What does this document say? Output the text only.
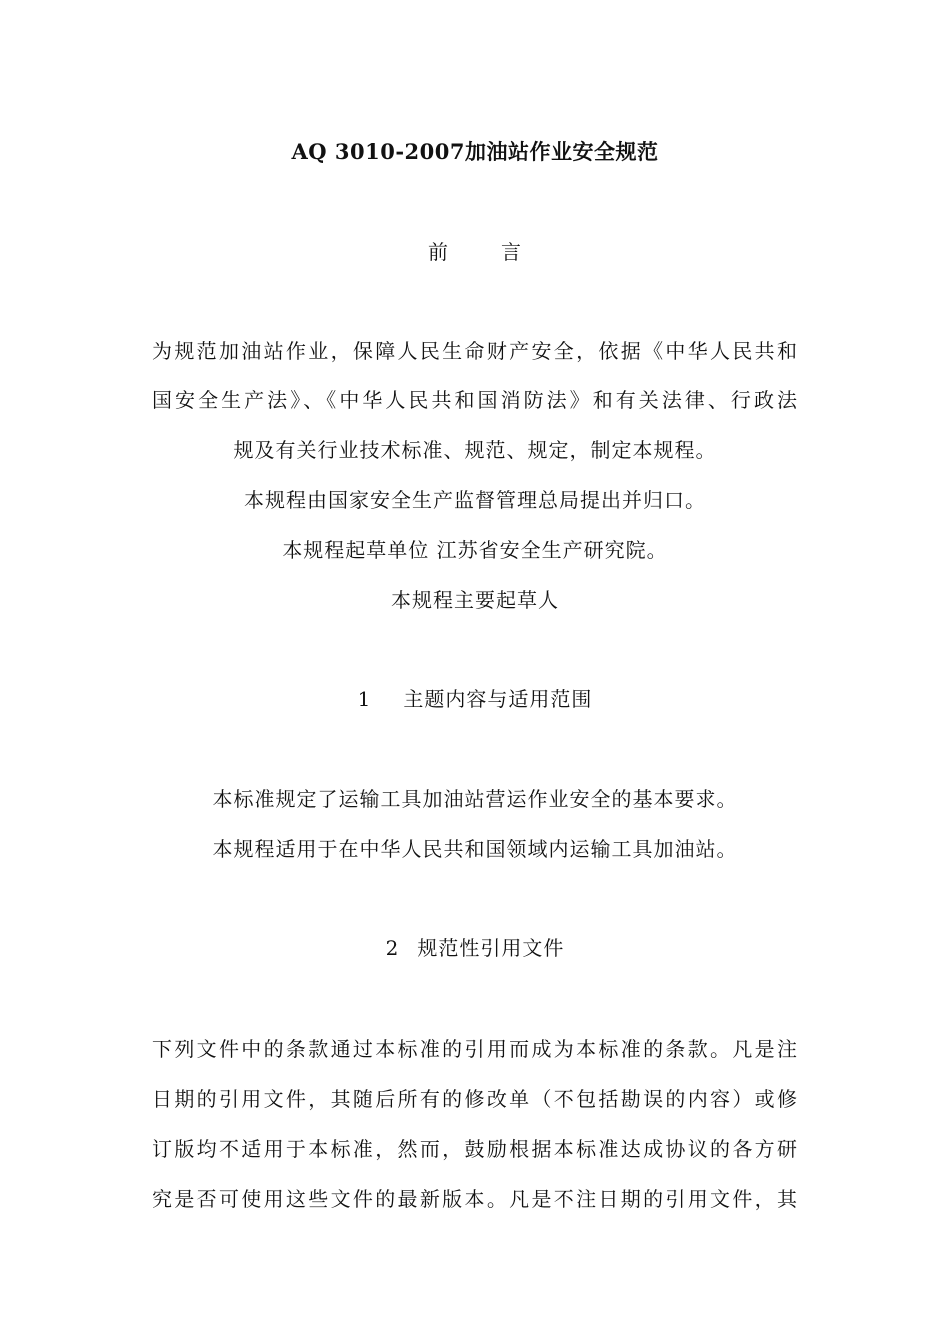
AQ 3010-2007加油站作业安全规范
前	言
为规范加油站作业，保障人民生命财产安全，依据《中华人民共和
国安全生产法》、《中华人民共和国消防法》和有关法律、行政法
规及有关行业技术标准、规范、规定，制定本规程。
本规程由国家安全生产监督管理总局提出并归口。
本规程起草单位 江苏省安全生产研究院。
本规程主要起草人
1 主题内容与适用范围
本标准规定了运输工具加油站营运作业安全的基本要求。
本规程适用于在中华人民共和国领域内运输工具加油站。
2 规范性引用文件
下列文件中的条款通过本标准的引用而成为本标准的条款。凡是注
日期的引用文件，其随后所有的修改单（不包括勘误的内容）或修
订版均不适用于本标准，然而，鼓励根据本标准达成协议的各方研
究是否可使用这些文件的最新版本。凡是不注日期的引用文件，其
